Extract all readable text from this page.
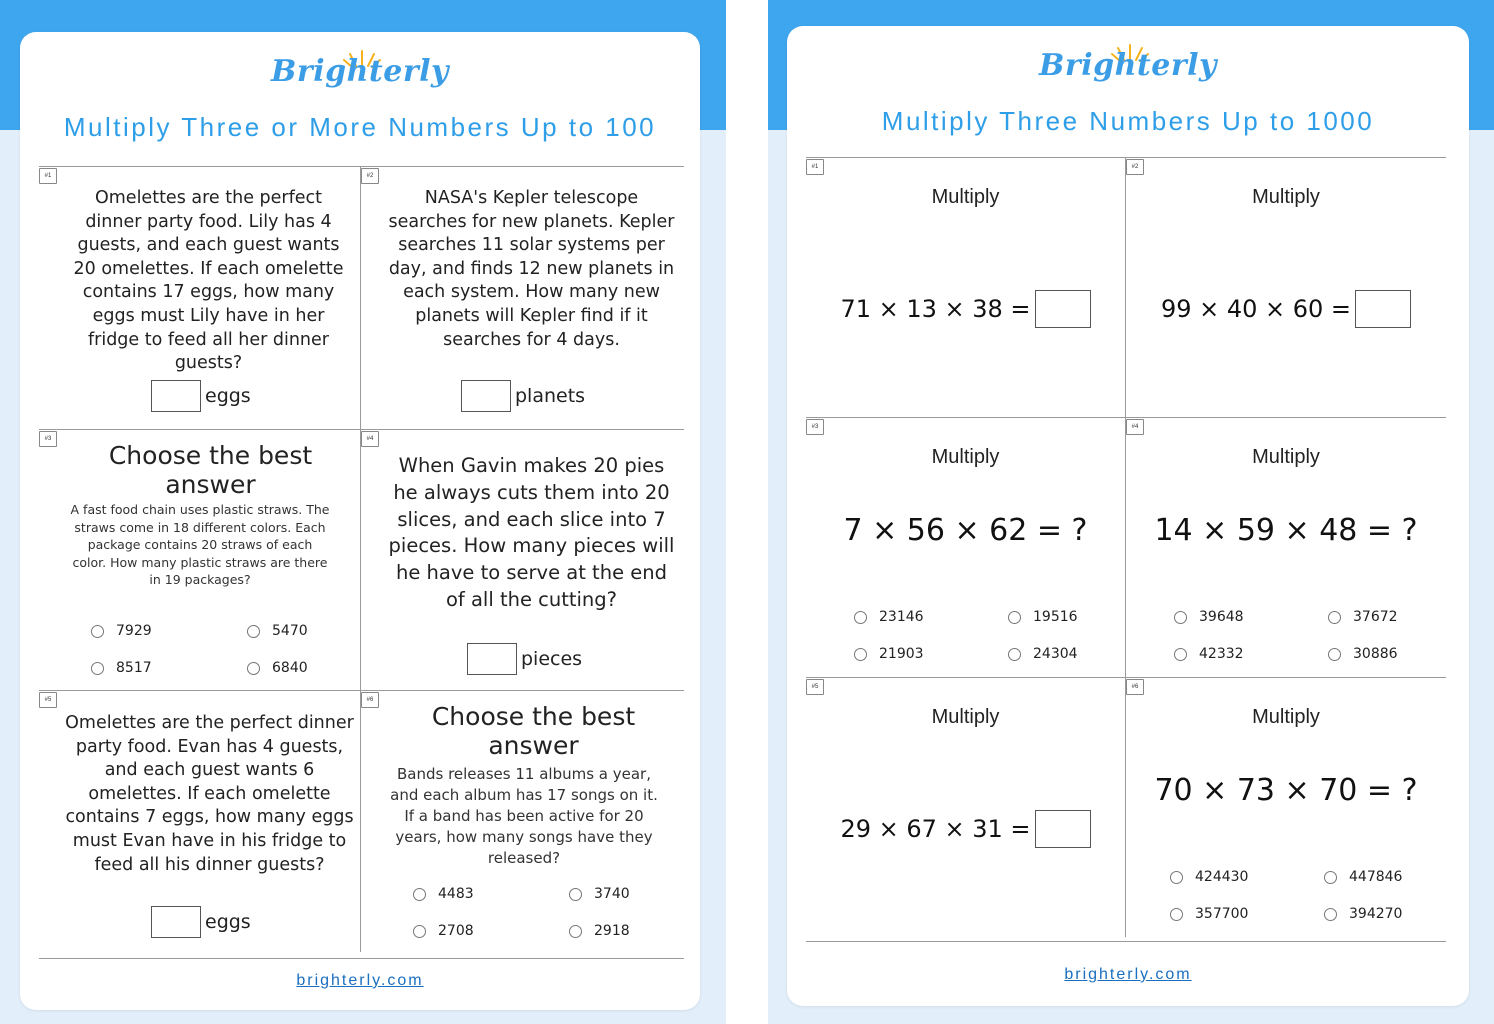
Brighterly
Multiply Three or More Numbers Up to 100
#1
Omelettes are the perfect dinner party food. Lily has 4 guests, and each guest wants 20 omelettes. If each omelette contains 17 eggs, how many eggs must Lily have in her fridge to feed all her dinner guests?
eggs
#2
NASA's Kepler telescope searches for new planets. Kepler searches 11 solar systems per day, and finds 12 new planets in each system. How many new planets will Kepler find if it searches for 4 days.
planets
#3
Choose the best answer
A fast food chain uses plastic straws. The straws come in 18 different colors. Each package contains 20 straws of each color. How many plastic straws are there in 19 packages?
7929	5470
8517	6840
#4
When Gavin makes 20 pies he always cuts them into 20 slices, and each slice into 7 pieces. How many pieces will he have to serve at the end of all the cutting?
pieces
#5
Omelettes are the perfect dinner party food. Evan has 4 guests, and each guest wants 6 omelettes. If each omelette contains 7 eggs, how many eggs must Evan have in his fridge to feed all his dinner guests?
eggs
#6
Choose the best answer
Bands releases 11 albums a year, and each album has 17 songs on it. If a band has been active for 20 years, how many songs have they released?
4483	3740
2708	2918
brighterly.com
Brighterly
Multiply Three Numbers Up to 1000
#1
Multiply
71 × 13 × 38 =
#2
Multiply
99 × 40 × 60 =
#3
Multiply
7 × 56 × 62 = ?
23146	19516
21903	24304
#4
Multiply
14 × 59 × 48 = ?
39648	37672
42332	30886
#5
Multiply
29 × 67 × 31 =
#6
Multiply
70 × 73 × 70 = ?
424430	447846
357700	394270
brighterly.com
